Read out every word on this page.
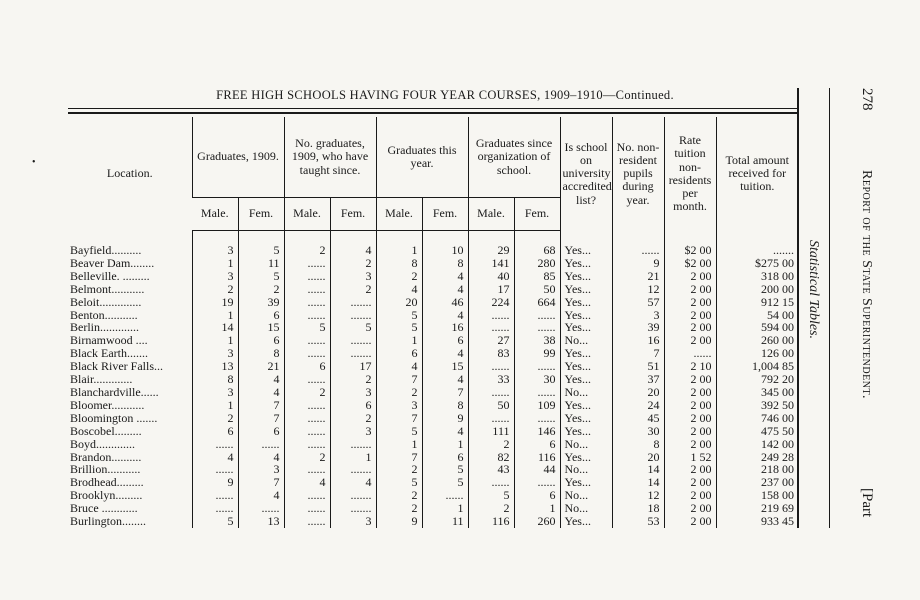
FREE HIGH SCHOOLS HAVING FOUR YEAR COURSES, 1909–1910—Continued.
•
Location.	Graduates, 1909.		No. graduates, 1909, who have taught since.		Graduates this year.		Graduates since organization of school.		Is school on university accredited list?	No. non-resident pupils during year.	Rate tuition non-residents per month.	Total amount received for tuition.
	Male.	Fem.	Male.	Fem.	Male.	Fem.	Male.	Fem.				

Bayfield..........	3	5	2	4	1	10	29	68	Yes...	......	$2 00	.......
Beaver Dam........	1	11	......	2	8	8	141	280	Yes...	9	$2 00	$275 00
Belleville. .........	3	5	......	3	2	4	40	85	Yes...	21	2 00	318 00
Belmont...........	2	2	......	2	4	4	17	50	Yes...	12	2 00	200 00
Beloit..............	19	39	......	.......	20	46	224	664	Yes...	57	2 00	912 15
Benton...........	1	6	......	.......	5	4	......	......	Yes...	3	2 00	54 00
Berlin.............	14	15	5	5	5	16	......	......	Yes...	39	2 00	594 00
Birnamwood ....	1	6	......	.......	1	6	27	38	No...	16	2 00	260 00
Black Earth.......	3	8	......	.......	6	4	83	99	Yes...	7	......	126 00
Black River Falls...	13	21	6	17	4	15	......	......	Yes...	51	2 10	1,004 85
Blair.............	8	4	......	2	7	4	33	30	Yes...	37	2 00	792 20
Blanchardville......	3	4	2	3	2	7	......	......	No...	20	2 00	345 00
Bloomer...........	1	7	......	6	3	8	50	109	Yes...	24	2 00	392 50
Bloomington .......	2	7	......	2	7	9	......	......	Yes...	45	2 00	746 00
Boscobel.........	6	6	......	3	5	4	111	146	Yes...	30	2 00	475 50
Boyd.............	......	......	......	.......	1	1	2	6	No...	8	2 00	142 00
Brandon..........	4	4	2	1	7	6	82	116	Yes...	20	1 52	249 28
Brillion...........	......	3	......	.......	2	5	43	44	No...	14	2 00	218 00
Brodhead.........	9	7	4	4	5	5	......	......	Yes...	14	2 00	237 00
Brooklyn.........	......	4	......	.......	2	......	5	6	No...	12	2 00	158 00
Bruce ............	......	......	......	.......	2	1	2	1	No...	18	2 00	219 69
Burlington........	5	13	......	3	9	11	116	260	Yes...	53	2 00	933 45
Statistical Tables.
278
Report of the State Superintendent.
[Part
